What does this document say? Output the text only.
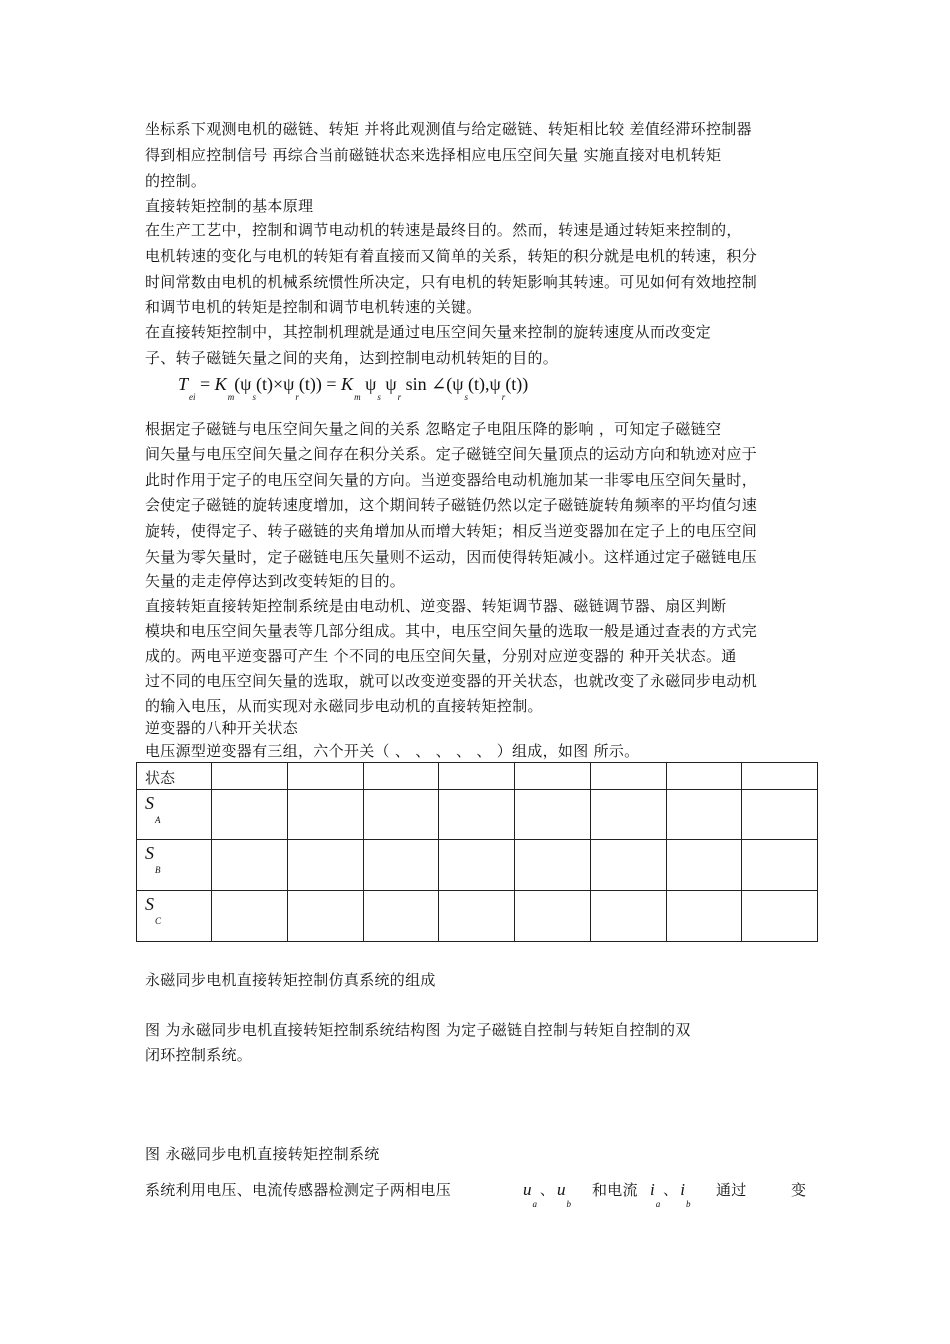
坐标系下观测电机的磁链、转矩 并将此观测值与给定磁链、转矩相比较 差值经滞环控制器
得到相应控制信号 再综合当前磁链状态来选择相应电压空间矢量 实施直接对电机转矩
的控制。
直接转矩控制的基本原理
在生产工艺中，控制和调节电动机的转速是最终目的。然而，转速是通过转矩来控制的，
电机转速的变化与电机的转矩有着直接而又简单的关系，转矩的积分就是电机的转速，积分
时间常数由电机的机械系统惯性所决定，只有电机的转矩影响其转速。可见如何有效地控制
和调节电机的转矩是控制和调节电机转速的关键。
在直接转矩控制中，其控制机理就是通过电压空间矢量来控制的旋转速度从而改变定
子、转子磁链矢量之间的夹角，达到控制电动机转矩的目的。
$T_{ei} = K_m(\psi_s(t)\times\psi_r(t)) = K_m$ $\psi_s$ $\psi_r$ $\sin \angle(\psi_s(t),\psi_r(t))$
根据定子磁链与电压空间矢量之间的关系 忽略定子电阻压降的影响 ，可知定子磁链空
间矢量与电压空间矢量之间存在积分关系。定子磁链空间矢量顶点的运动方向和轨迹对应于
此时作用于定子的电压空间矢量的方向。当逆变器给电动机施加某一非零电压空间矢量时，
会使定子磁链的旋转速度增加，这个期间转子磁链仍然以定子磁链旋转角频率的平均值匀速
旋转，使得定子、转子磁链的夹角增加从而增大转矩；相反当逆变器加在定子上的电压空间
矢量为零矢量时，定子磁链电压矢量则不运动，因而使得转矩减小。这样通过定子磁链电压
矢量的走走停停达到改变转矩的目的。
直接转矩直接转矩控制系统是由电动机、逆变器、转矩调节器、磁链调节器、扇区判断
模块和电压空间矢量表等几部分组成。其中，电压空间矢量的选取一般是通过查表的方式完
成的。两电平逆变器可产生 个不同的电压空间矢量，分别对应逆变器的 种开关状态。通
过不同的电压空间矢量的选取，就可以改变逆变器的开关状态，也就改变了永磁同步电动机
的输入电压，从而实现对永磁同步电动机的直接转矩控制。
逆变器的八种开关状态
电压源型逆变器有三组，六个开关（ 、 、 、 、 、 ）组成，如图 所示。
状态								
$S_A$								
$S_B$								
$S_C$								
永磁同步电机直接转矩控制仿真系统的组成
图 为永磁同步电机直接转矩控制系统结构图 为定子磁链自控制与转矩自控制的双
闭环控制系统。
图 永磁同步电机直接转矩控制系统
系统利用电压、电流传感器检测定子两相电压	$u_a$、 $u_b$
和电流 $i_a$、 $i_b$
通过	变
